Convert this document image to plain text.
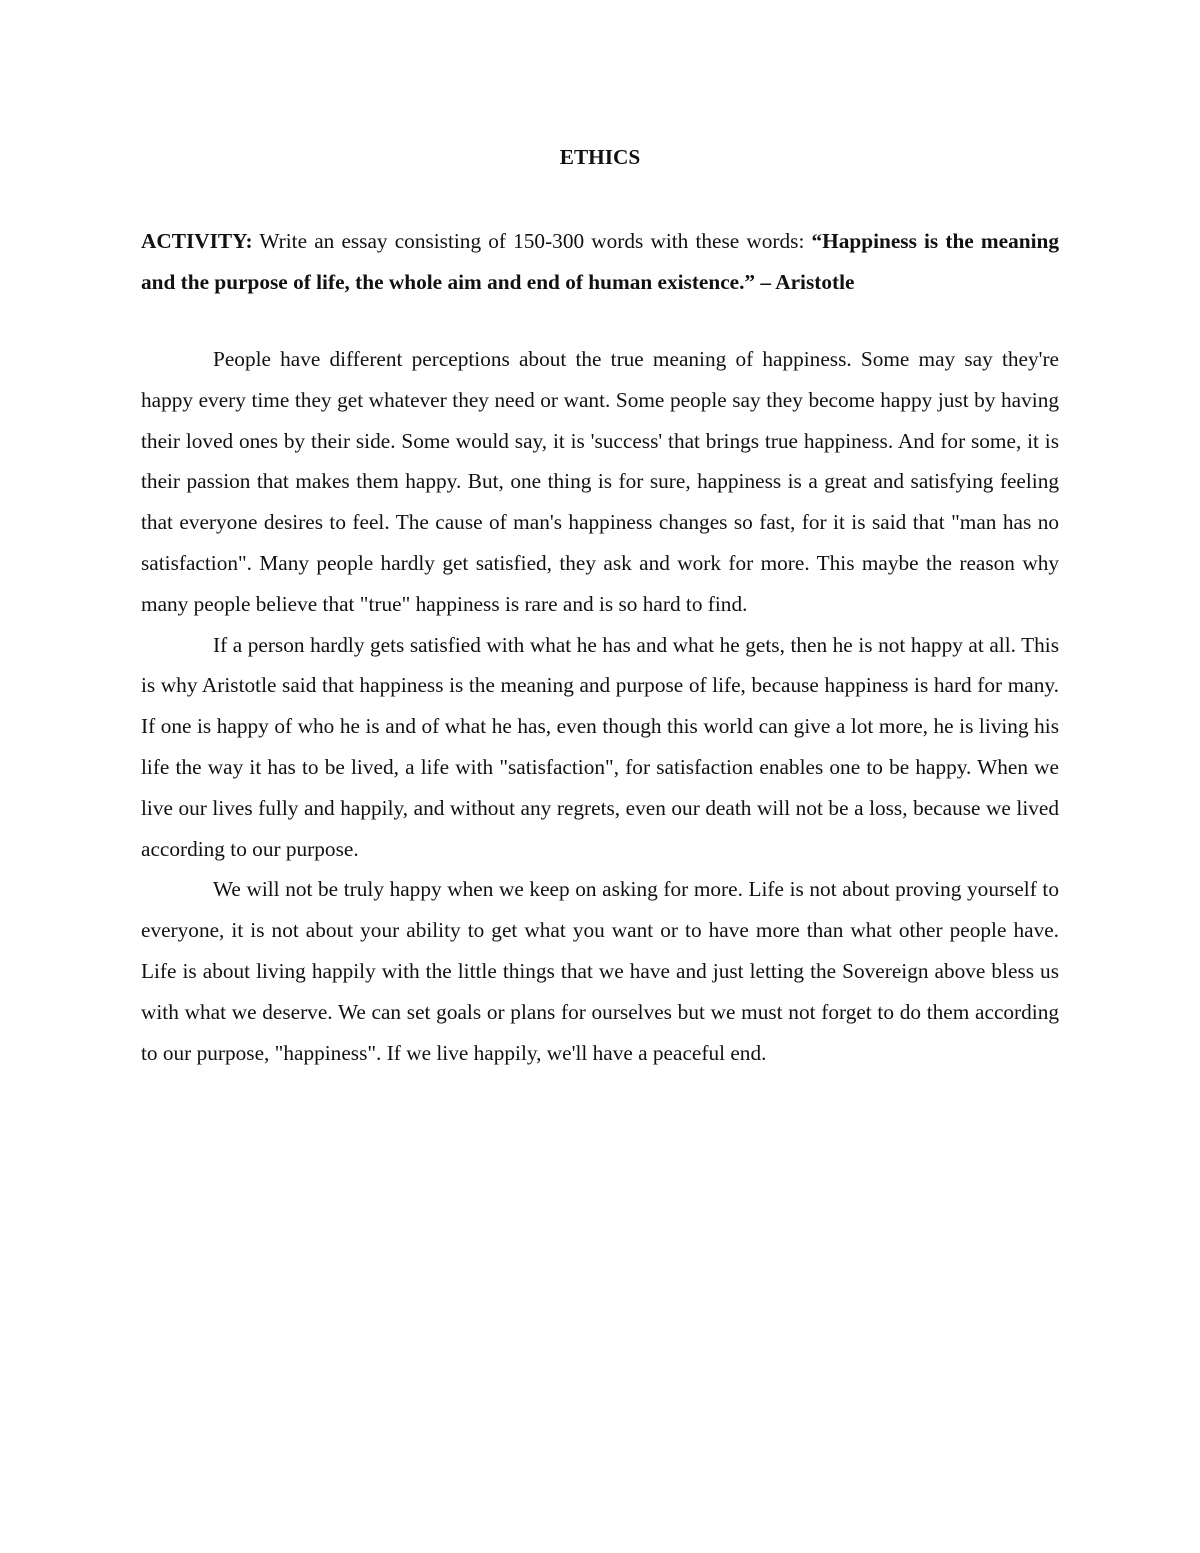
ETHICS

ACTIVITY: Write an essay consisting of 150-300 words with these words: “Happiness is the meaning and the purpose of life, the whole aim and end of human existence.” – Aristotle

People have different perceptions about the true meaning of happiness. Some may say they're happy every time they get whatever they need or want. Some people say they become happy just by having their loved ones by their side. Some would say, it is 'success' that brings true happiness. And for some, it is their passion that makes them happy. But, one thing is for sure, happiness is a great and satisfying feeling that everyone desires to feel. The cause of man's happiness changes so fast, for it is said that "man has no satisfaction". Many people hardly get satisfied, they ask and work for more. This maybe the reason why many people believe that "true" happiness is rare and is so hard to find.

If a person hardly gets satisfied with what he has and what he gets, then he is not happy at all. This is why Aristotle said that happiness is the meaning and purpose of life, because happiness is hard for many. If one is happy of who he is and of what he has, even though this world can give a lot more, he is living his life the way it has to be lived, a life with "satisfaction", for satisfaction enables one to be happy. When we live our lives fully and happily, and without any regrets, even our death will not be a loss, because we lived according to our purpose.

We will not be truly happy when we keep on asking for more. Life is not about proving yourself to everyone, it is not about your ability to get what you want or to have more than what other people have. Life is about living happily with the little things that we have and just letting the Sovereign above bless us with what we deserve. We can set goals or plans for ourselves but we must not forget to do them according to our purpose, "happiness". If we live happily, we'll have a peaceful end.
